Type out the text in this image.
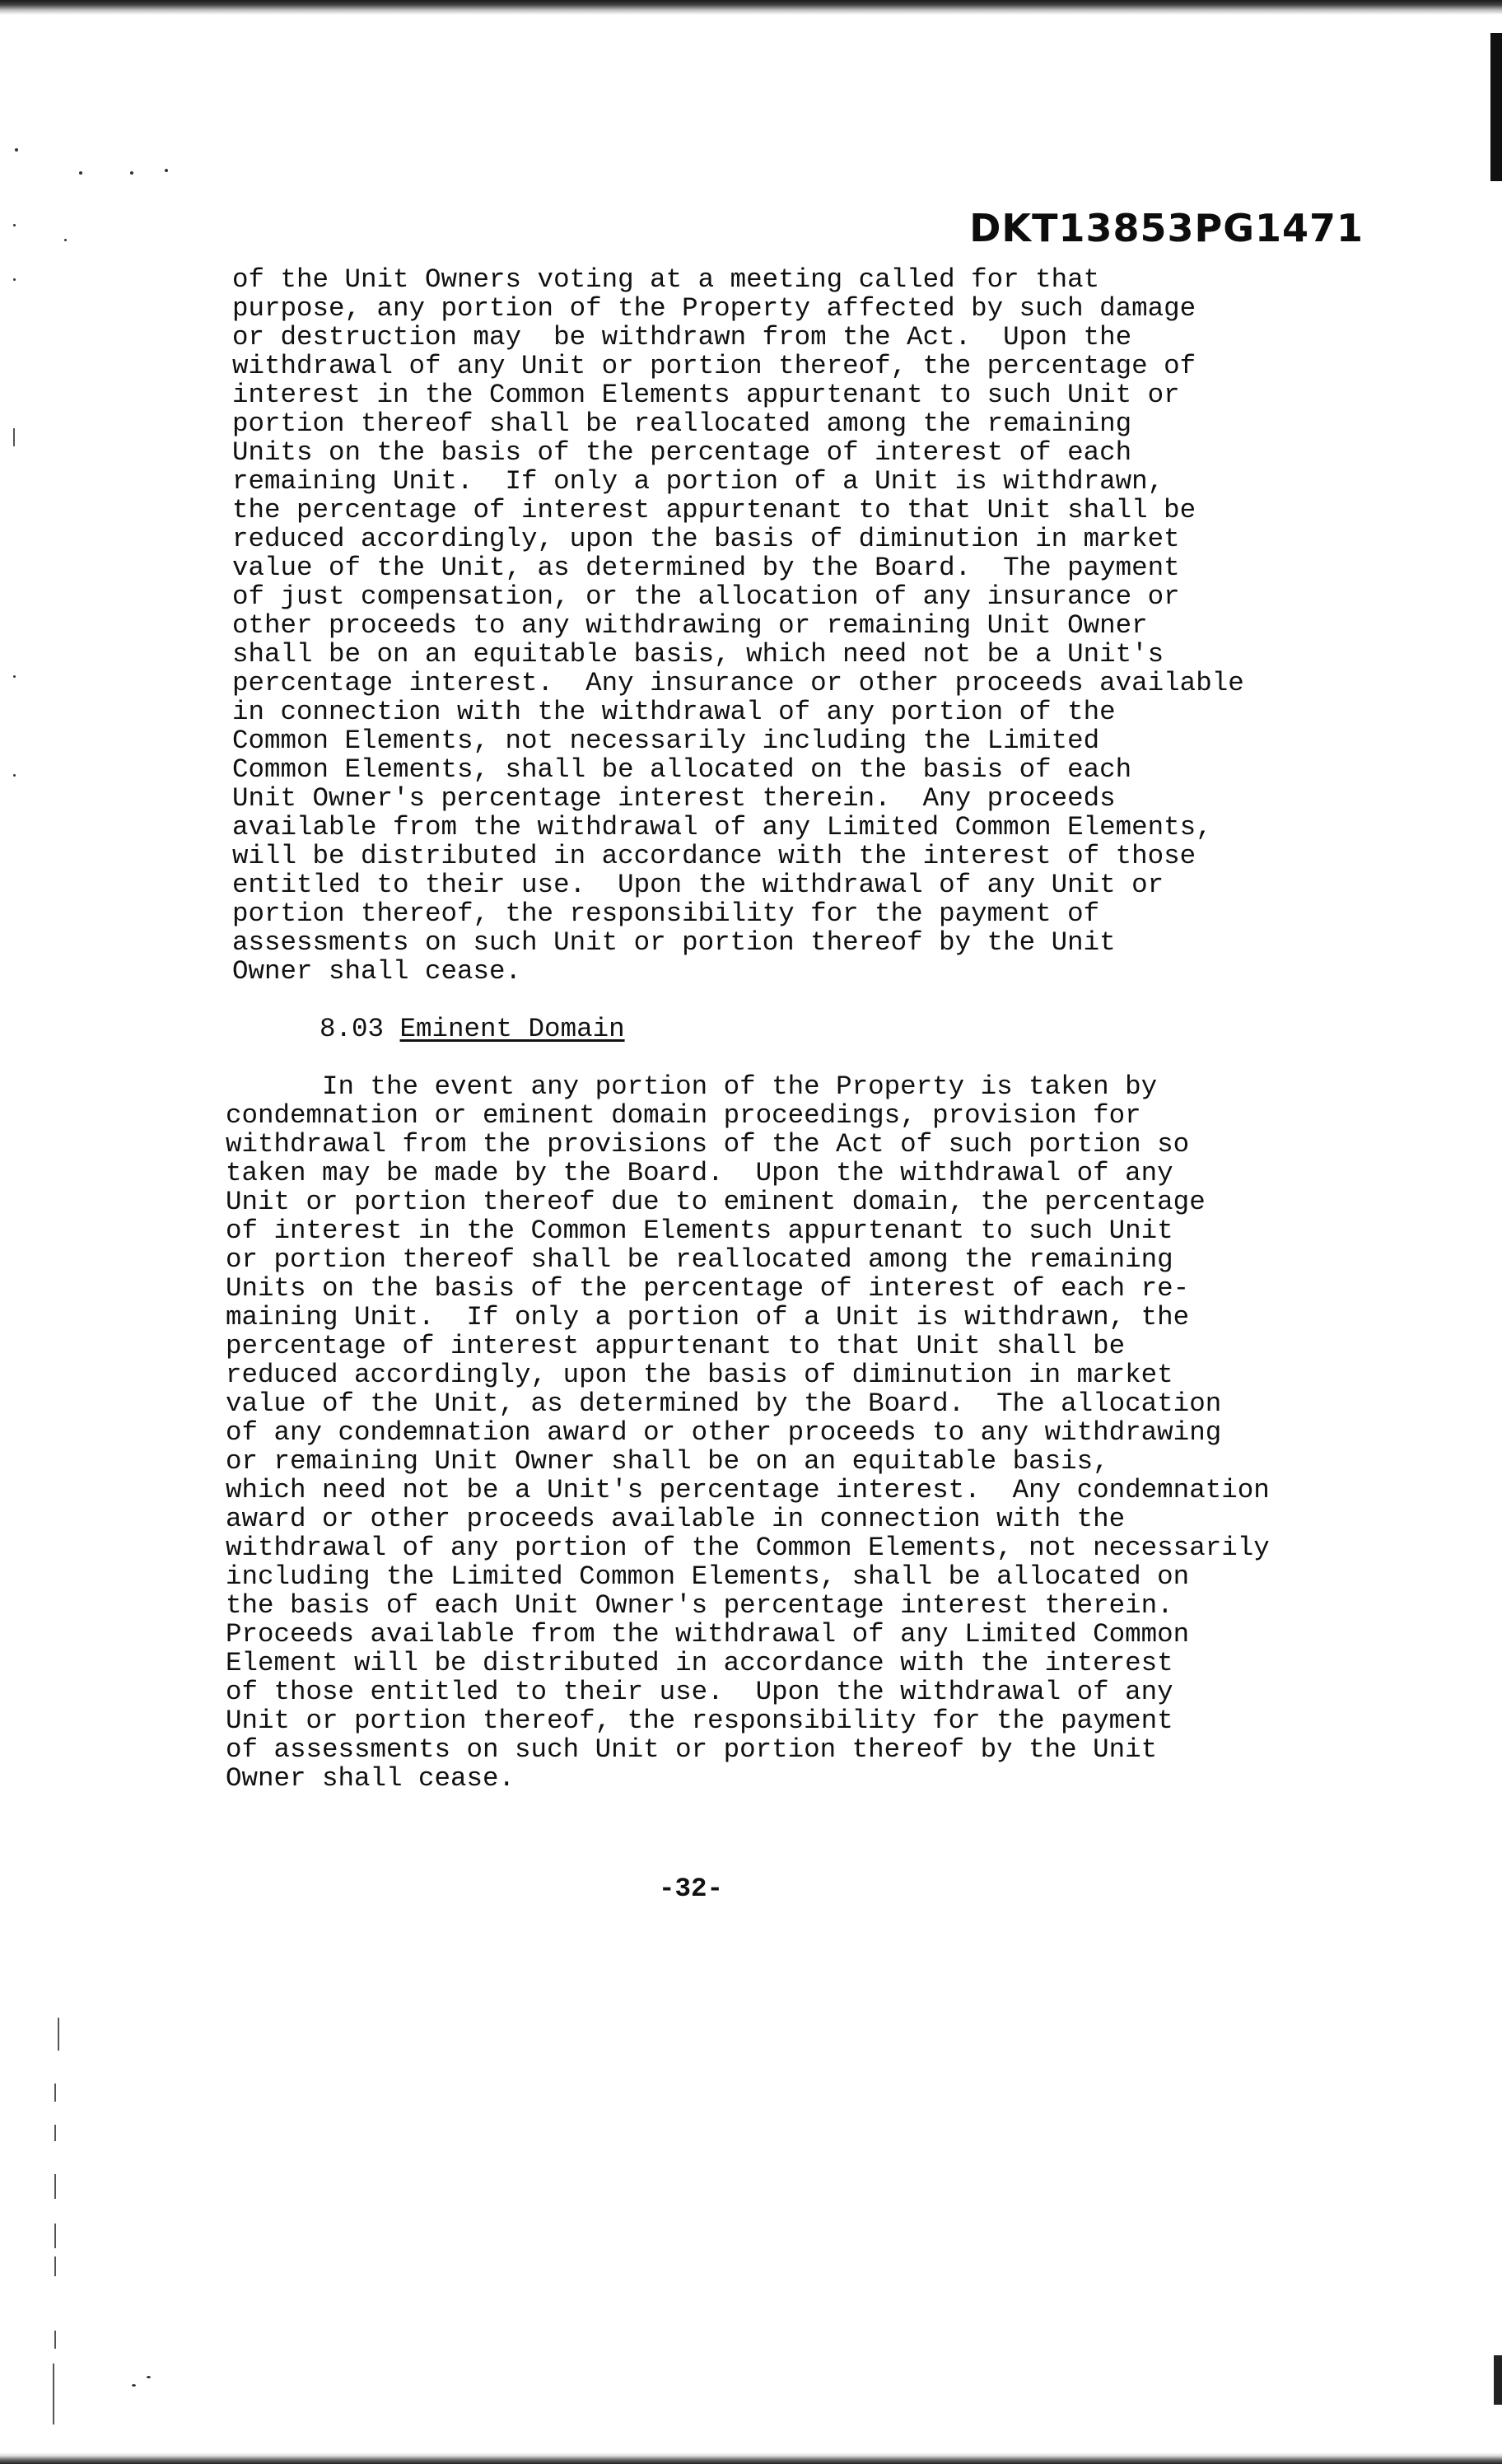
DKT13853PG1471
of the Unit Owners voting at a meeting called for that
purpose, any portion of the Property affected by such damage
or destruction may  be withdrawn from the Act.  Upon the
withdrawal of any Unit or portion thereof, the percentage of
interest in the Common Elements appurtenant to such Unit or
portion thereof shall be reallocated among the remaining
Units on the basis of the percentage of interest of each
remaining Unit.  If only a portion of a Unit is withdrawn,
the percentage of interest appurtenant to that Unit shall be
reduced accordingly, upon the basis of diminution in market
value of the Unit, as determined by the Board.  The payment
of just compensation, or the allocation of any insurance or
other proceeds to any withdrawing or remaining Unit Owner
shall be on an equitable basis, which need not be a Unit's
percentage interest.  Any insurance or other proceeds available
in connection with the withdrawal of any portion of the
Common Elements, not necessarily including the Limited
Common Elements, shall be allocated on the basis of each
Unit Owner's percentage interest therein.  Any proceeds
available from the withdrawal of any Limited Common Elements,
will be distributed in accordance with the interest of those
entitled to their use.  Upon the withdrawal of any Unit or
portion thereof, the responsibility for the payment of
assessments on such Unit or portion thereof by the Unit
Owner shall cease.
8.03 Eminent Domain
In the event any portion of the Property is taken by
condemnation or eminent domain proceedings, provision for
withdrawal from the provisions of the Act of such portion so
taken may be made by the Board.  Upon the withdrawal of any
Unit or portion thereof due to eminent domain, the percentage
of interest in the Common Elements appurtenant to such Unit
or portion thereof shall be reallocated among the remaining
Units on the basis of the percentage of interest of each re-
maining Unit.  If only a portion of a Unit is withdrawn, the
percentage of interest appurtenant to that Unit shall be
reduced accordingly, upon the basis of diminution in market
value of the Unit, as determined by the Board.  The allocation
of any condemnation award or other proceeds to any withdrawing
or remaining Unit Owner shall be on an equitable basis,
which need not be a Unit's percentage interest.  Any condemnation
award or other proceeds available in connection with the
withdrawal of any portion of the Common Elements, not necessarily
including the Limited Common Elements, shall be allocated on
the basis of each Unit Owner's percentage interest therein.
Proceeds available from the withdrawal of any Limited Common
Element will be distributed in accordance with the interest
of those entitled to their use.  Upon the withdrawal of any
Unit or portion thereof, the responsibility for the payment
of assessments on such Unit or portion thereof by the Unit
Owner shall cease.
-32-
